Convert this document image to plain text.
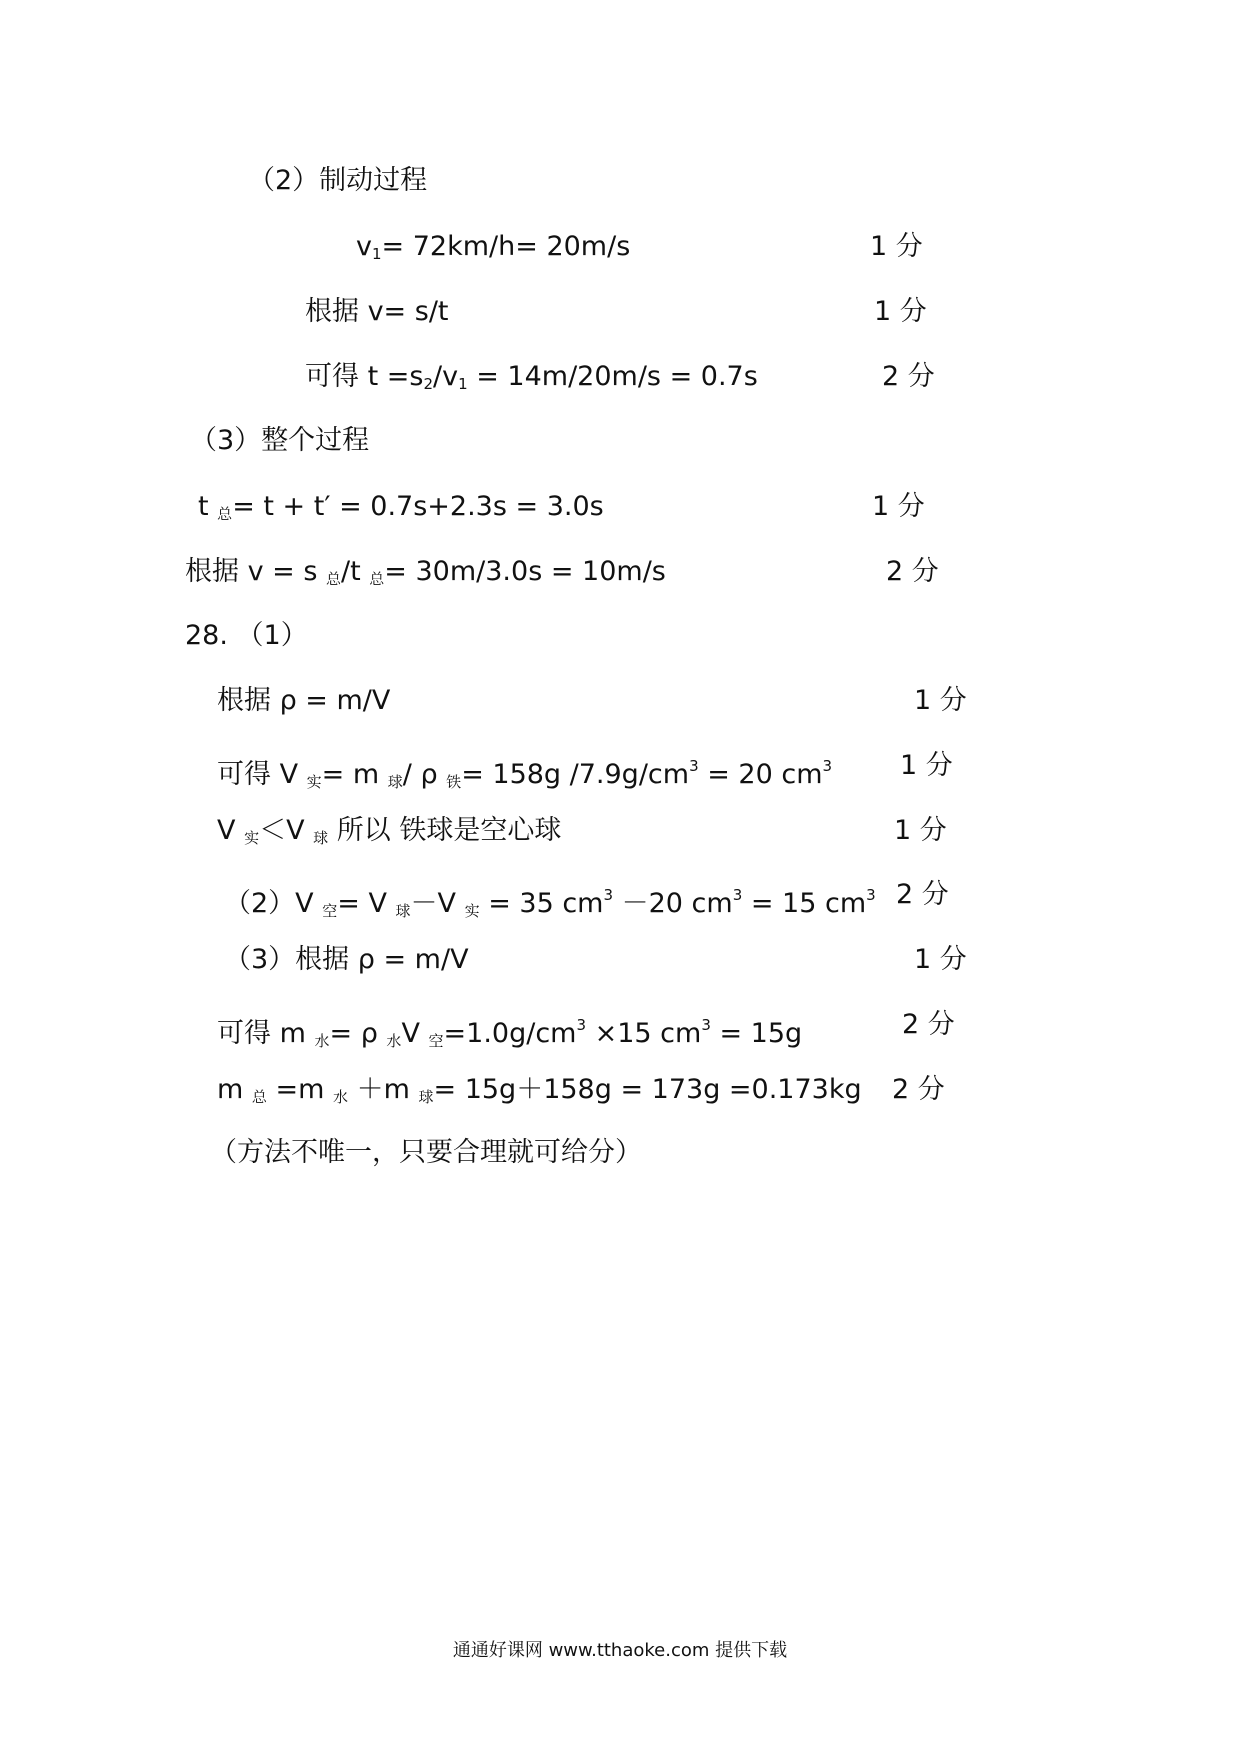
（2）制动过程
$v_1= 72km/h= 20m/s$	1 分
根据 v= s/t	1 分
可得 $t =s_2/v_1 = 14m/20m/s = 0.7s$	2 分
（3）整个过程
t $_总$= t + t′ = 0.7s+2.3s = 3.0s	1 分
根据 v = s $_总$/t $_总$= 30m/3.0s = 10m/s	2 分
28. （1）
根据 ρ = m/V	1 分
可得 V $_实$= m $_球$/ ρ $_铁$= 158g $/7.9g/cm^3 = 20$ $cm^3$	1 分
V $_实$＜V $_球$ 所以 铁球是空心球	1 分
（2）V $_空$= V $_球$－V $_实$ = 35 $cm^3 -20$ $cm^3 = 15$ $cm^3$ 2 分
（3）根据 ρ = m/V	1 分
可得 m $_水$= ρ $_水$V $_空=1.0g/cm^3 \times 15$ $cm^3 = 15g$	2 分
m $_总$ =m $_水$ ＋m $_球$= 15g＋158g = 173g =0.173kg 2 分
（方法不唯一，只要合理就可给分）
通通好课网 www.tthaoke.com 提供下载
